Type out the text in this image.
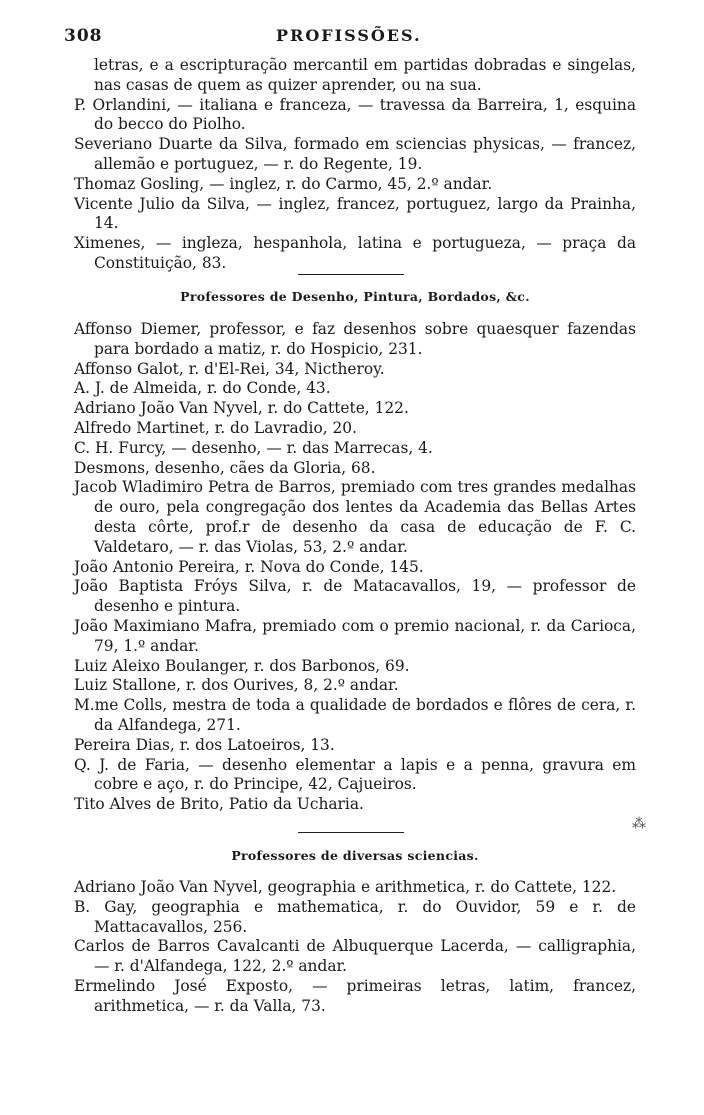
308	PROFISSÕES.

letras, e a escripturação mercantil em partidas dobradas e singelas, nas casas de quem as quizer aprender, ou na sua.

P. Orlandini, — italiana e franceza, — travessa da Barreira, 1, esquina do becco do Piolho.

Severiano Duarte da Silva, formado em sciencias physicas, — francez, allemão e portuguez, — r. do Regente, 19.

Thomaz Gosling, — inglez, r. do Carmo, 45, 2.º andar.

Vicente Julio da Silva, — inglez, francez, portuguez, largo da Prainha, 14.

Ximenes, — ingleza, hespanhola, latina e portugueza, — praça da Constituição, 83.

Professores de Desenho, Pintura, Bordados, &c.

Affonso Diemer, professor, e faz desenhos sobre quaesquer fazendas para bordado a matiz, r. do Hospicio, 231.

Affonso Galot, r. d'El-Rei, 34, Nictheroy.

A. J. de Almeida, r. do Conde, 43.

Adriano João Van Nyvel, r. do Cattete, 122.

Alfredo Martinet, r. do Lavradio, 20.

C. H. Furcy, — desenho, — r. das Marrecas, 4.

Desmons, desenho, cães da Gloria, 68.

Jacob Wladimiro Petra de Barros, premiado com tres grandes medalhas de ouro, pela congregação dos lentes da Academia das Bellas Artes desta côrte, prof.r de desenho da casa de educação de F. C. Valdetaro, — r. das Violas, 53, 2.º andar.

João Antonio Pereira, r. Nova do Conde, 145.

João Baptista Fróys Silva, r. de Matacavallos, 19, — professor de desenho e pintura.

João Maximiano Mafra, premiado com o premio nacional, r. da Carioca, 79, 1.º andar.

Luiz Aleixo Boulanger, r. dos Barbonos, 69.

Luiz Stallone, r. dos Ourives, 8, 2.º andar.

M.me Colls, mestra de toda a qualidade de bordados e flôres de cera, r. da Alfandega, 271.

Pereira Dias, r. dos Latoeiros, 13.

Q. J. de Faria, — desenho elementar a lapis e a penna, gravura em cobre e aço, r. do Principe, 42, Cajueiros.

Tito Alves de Brito, Patio da Ucharia.

⁂
Professores de diversas sciencias.

Adriano João Van Nyvel, geographia e arithmetica, r. do Cattete, 122.

B. Gay, geographia e mathematica, r. do Ouvidor, 59 e r. de Mattacavallos, 256.

Carlos de Barros Cavalcanti de Albuquerque Lacerda, — calligraphia, — r. d'Alfandega, 122, 2.º andar.

Ermelindo José Exposto, — primeiras letras, latim, francez, arithmetica, — r. da Valla, 73.
